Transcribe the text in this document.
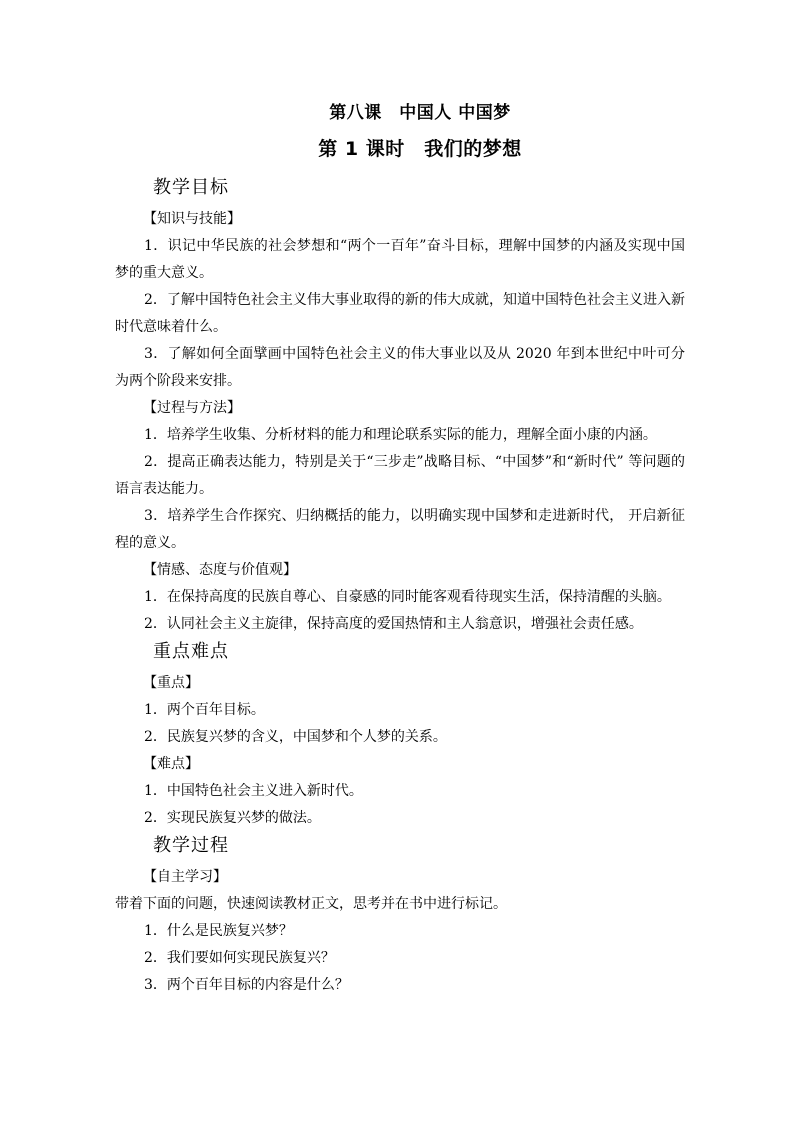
第八课　中国人 中国梦
第 1 课时　我们的梦想
教学目标
【知识与技能】

1．识记中华民族的社会梦想和“两个一百年”奋斗目标，理解中国梦的内涵及实现中国梦的重大意义。

2．了解中国特色社会主义伟大事业取得的新的伟大成就，知道中国特色社会主义进入新时代意味着什么。

3．了解如何全面擘画中国特色社会主义的伟大事业以及从 2020 年到本世纪中叶可分为两个阶段来安排。

【过程与方法】

1．培养学生收集、分析材料的能力和理论联系实际的能力，理解全面小康的内涵。

2．提高正确表达能力，特别是关于“三步走”战略目标、“中国梦”和“新时代” 等问题的语言表达能力。

3．培养学生合作探究、归纳概括的能力，以明确实现中国梦和走进新时代， 开启新征程的意义。

【情感、态度与价值观】

1．在保持高度的民族自尊心、自豪感的同时能客观看待现实生活，保持清醒的头脑。

2．认同社会主义主旋律，保持高度的爱国热情和主人翁意识，增强社会责任感。

重点难点
【重点】

1．两个百年目标。

2．民族复兴梦的含义，中国梦和个人梦的关系。

【难点】

1．中国特色社会主义进入新时代。

2．实现民族复兴梦的做法。

教学过程
【自主学习】

带着下面的问题，快速阅读教材正文，思考并在书中进行标记。

1．什么是民族复兴梦？

2．我们要如何实现民族复兴？

3．两个百年目标的内容是什么？
